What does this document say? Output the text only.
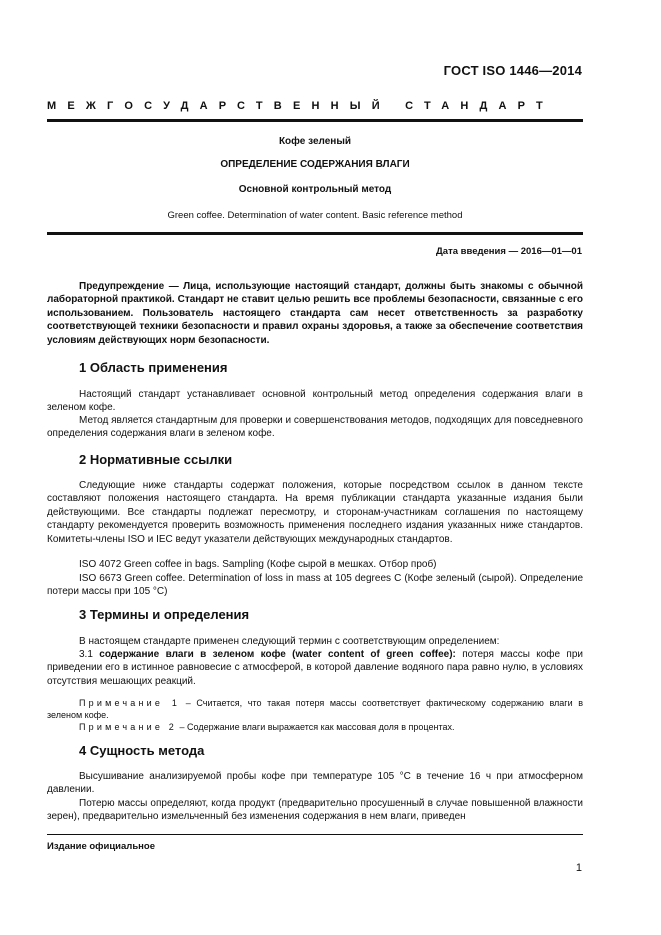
ГОСТ ISO 1446—2014
МЕЖГОСУДАРСТВЕННЫЙ СТАНДАРТ
Кофе зеленый
ОПРЕДЕЛЕНИЕ СОДЕРЖАНИЯ ВЛАГИ
Основной контрольный метод
Green coffee. Determination of water content. Basic reference method
Дата введения — 2016—01—01

Предупреждение — Лица, использующие настоящий стандарт, должны быть знакомы с обычной лабораторной практикой. Стандарт не ставит целью решить все проблемы безопасности, связанные с его использованием. Пользователь настоящего стандарта сам несет ответственность за разработку соответствующей техники безопасности и правил охраны здоровья, а также за обеспечение соответствия условиям действующих норм безопасности.

1 Область применения

Настоящий стандарт устанавливает основной контрольный метод определения содержания влаги в зеленом кофе.

Метод является стандартным для проверки и совершенствования методов, подходящих для повседневного определения содержания влаги в зеленом кофе.

2 Нормативные ссылки

Следующие ниже стандарты содержат положения, которые посредством ссылок в данном тексте составляют положения настоящего стандарта. На время публикации стандарта указанные издания были действующими. Все стандарты подлежат пересмотру, и сторонам-участникам соглашения по настоящему стандарту рекомендуется проверить возможность применения последнего издания указанных ниже стандартов. Комитеты-члены ISO и IEC ведут указатели действующих международных стандартов.

ISO 4072 Green coffee in bags. Sampling (Кофе сырой в мешках. Отбор проб)

ISO 6673 Green coffee. Determination of loss in mass at 105 degrees C (Кофе зеленый (сырой). Определение потери массы при 105 °C)

3 Термины и определения

В настоящем стандарте применен следующий термин с соответствующим определением:

3.1 содержание влаги в зеленом кофе (water content of green coffee): потеря массы кофе при приведении его в истинное равновесие с атмосферой, в которой давление водяного пара равно нулю, в условиях отсутствия мешающих реакций.

Примечание 1 – Считается, что такая потеря массы соответствует фактическому содержанию влаги в зеленом кофе.

Примечание 2 – Содержание влаги выражается как массовая доля в процентах.

4 Сущность метода

Высушивание анализируемой пробы кофе при температуре 105 °C в течение 16 ч при атмосферном давлении.

Потерю массы определяют, когда продукт (предварительно просушенный в случае повышенной влажности зерен), предварительно измельченный без изменения содержания в нем влаги, приведен

Издание официальное
1
